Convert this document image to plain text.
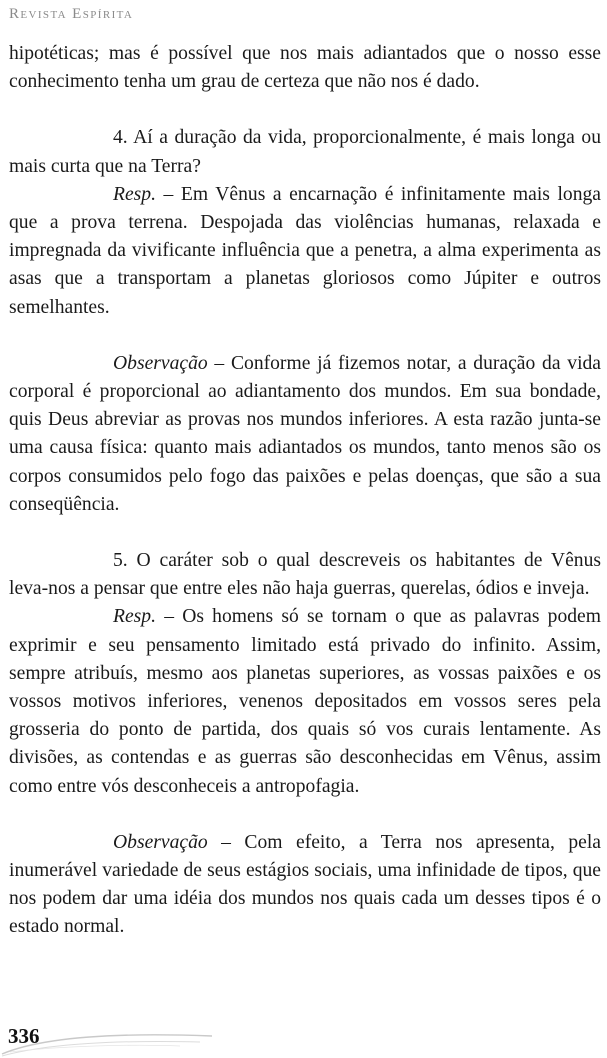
Revista Espírita

hipotéticas; mas é possível que nos mais adiantados que o nosso esse conhecimento tenha um grau de certeza que não nos é dado.

4. Aí a duração da vida, proporcionalmente, é mais longa ou mais curta que na Terra?

Resp. – Em Vênus a encarnação é infinitamente mais longa que a prova terrena. Despojada das violências humanas, relaxada e impregnada da vivificante influência que a penetra, a alma experimenta as asas que a transportam a planetas gloriosos como Júpiter e outros semelhantes.

Observação – Conforme já fizemos notar, a duração da vida corporal é proporcional ao adiantamento dos mundos. Em sua bondade, quis Deus abreviar as provas nos mundos inferiores. A esta razão junta-se uma causa física: quanto mais adiantados os mundos, tanto menos são os corpos consumidos pelo fogo das paixões e pelas doenças, que são a sua conseqüência.

5. O caráter sob o qual descreveis os habitantes de Vênus leva-nos a pensar que entre eles não haja guerras, querelas, ódios e inveja.

Resp. – Os homens só se tornam o que as palavras podem exprimir e seu pensamento limitado está privado do infinito. Assim, sempre atribuís, mesmo aos planetas superiores, as vossas paixões e os vossos motivos inferiores, venenos depositados em vossos seres pela grosseria do ponto de partida, dos quais só vos curais lentamente. As divisões, as contendas e as guerras são desconhecidas em Vênus, assim como entre vós desconheceis a antropofagia.

Observação – Com efeito, a Terra nos apresenta, pela inumerável variedade de seus estágios sociais, uma infinidade de tipos, que nos podem dar uma idéia dos mundos nos quais cada um desses tipos é o estado normal.

336
